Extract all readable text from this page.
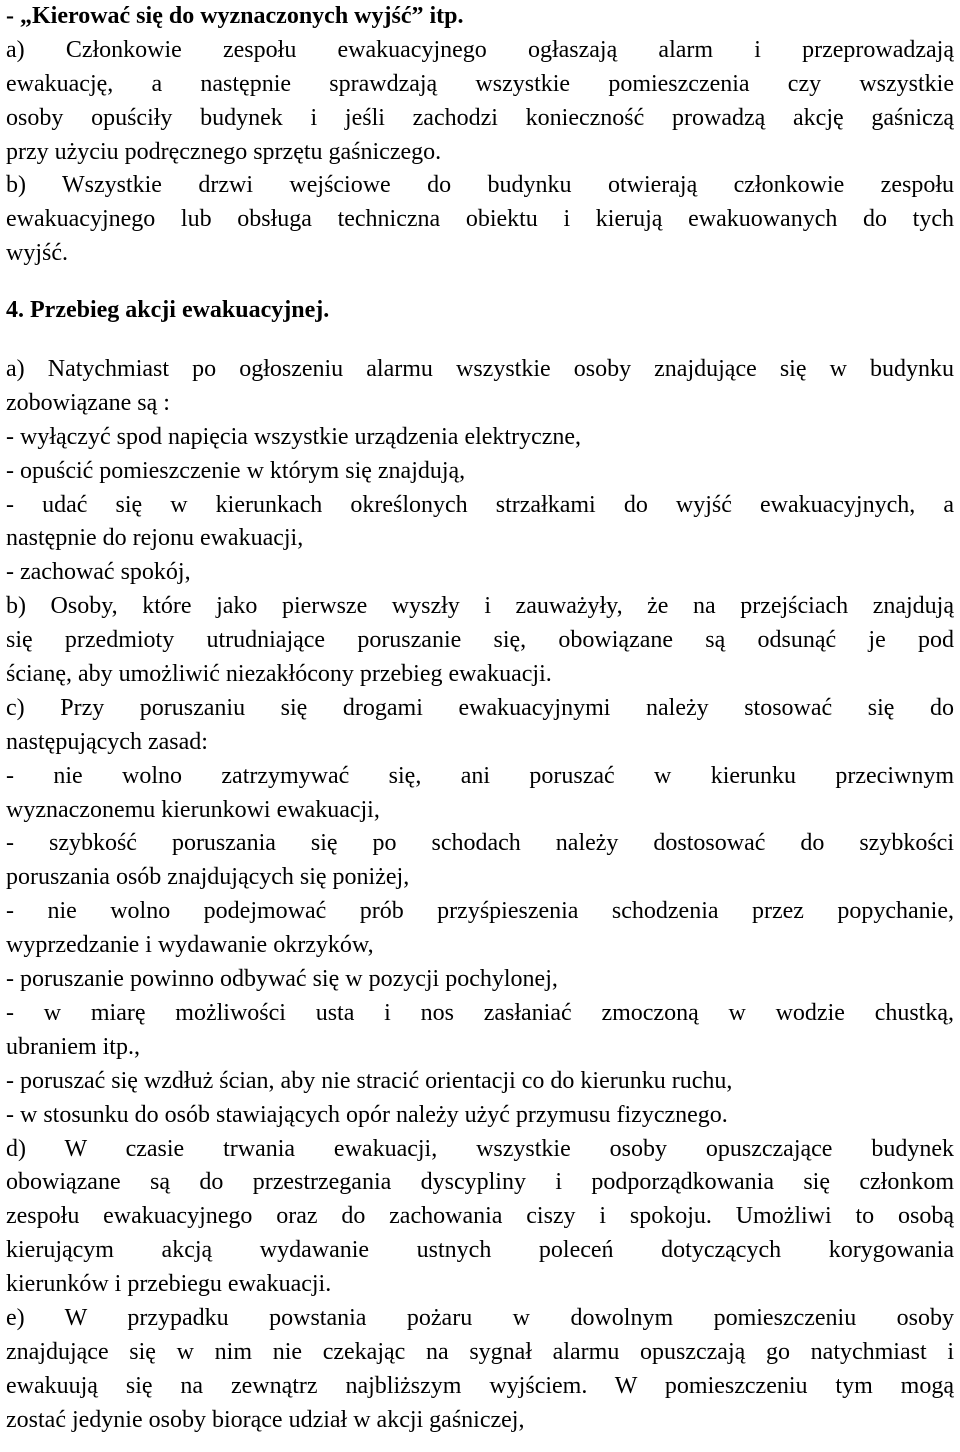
- „Kierować się do wyznaczonych wyjść” itp.
a) Członkowie zespołu ewakuacyjnego ogłaszają alarm i przeprowadzają
ewakuację, a następnie sprawdzają wszystkie pomieszczenia czy wszystkie
osoby opuściły budynek i jeśli zachodzi konieczność prowadzą akcję gaśniczą
przy użyciu podręcznego sprzętu gaśniczego.
b) Wszystkie drzwi wejściowe do budynku otwierają członkowie zespołu
ewakuacyjnego lub obsługa techniczna obiektu i kierują ewakuowanych do tych
wyjść.
4. Przebieg akcji ewakuacyjnej.
a) Natychmiast po ogłoszeniu alarmu wszystkie osoby znajdujące się w budynku
zobowiązane są :
- wyłączyć spod napięcia wszystkie urządzenia elektryczne,
- opuścić pomieszczenie w którym się znajdują,
- udać się w kierunkach określonych strzałkami do wyjść ewakuacyjnych, a
następnie do rejonu ewakuacji,
- zachować spokój,
b) Osoby, które jako pierwsze wyszły i zauważyły, że na przejściach znajdują
się przedmioty utrudniające poruszanie się, obowiązane są odsunąć je pod
ścianę, aby umożliwić niezakłócony przebieg ewakuacji.
c) Przy poruszaniu się drogami ewakuacyjnymi należy stosować się do
następujących zasad:
- nie wolno zatrzymywać się, ani poruszać w kierunku przeciwnym
wyznaczonemu kierunkowi ewakuacji,
- szybkość poruszania się po schodach należy dostosować do szybkości
poruszania osób znajdujących się poniżej,
- nie wolno podejmować prób przyśpieszenia schodzenia przez popychanie,
wyprzedzanie i wydawanie okrzyków,
- poruszanie powinno odbywać się w pozycji pochylonej,
- w miarę możliwości usta i nos zasłaniać zmoczoną w wodzie chustką,
ubraniem itp.,
- poruszać się wzdłuż ścian, aby nie stracić orientacji co do kierunku ruchu,
- w stosunku do osób stawiających opór należy użyć przymusu fizycznego.
d) W czasie trwania ewakuacji, wszystkie osoby opuszczające budynek
obowiązane są do przestrzegania dyscypliny i podporządkowania się członkom
zespołu ewakuacyjnego oraz do zachowania ciszy i spokoju. Umożliwi to osobą
kierującym akcją wydawanie ustnych poleceń dotyczących korygowania
kierunków i przebiegu ewakuacji.
e) W przypadku powstania pożaru w dowolnym pomieszczeniu osoby
znajdujące się w nim nie czekając na sygnał alarmu opuszczają go natychmiast i
ewakuują się na zewnątrz najbliższym wyjściem. W pomieszczeniu tym mogą
zostać jedynie osoby biorące udział w akcji gaśniczej,
